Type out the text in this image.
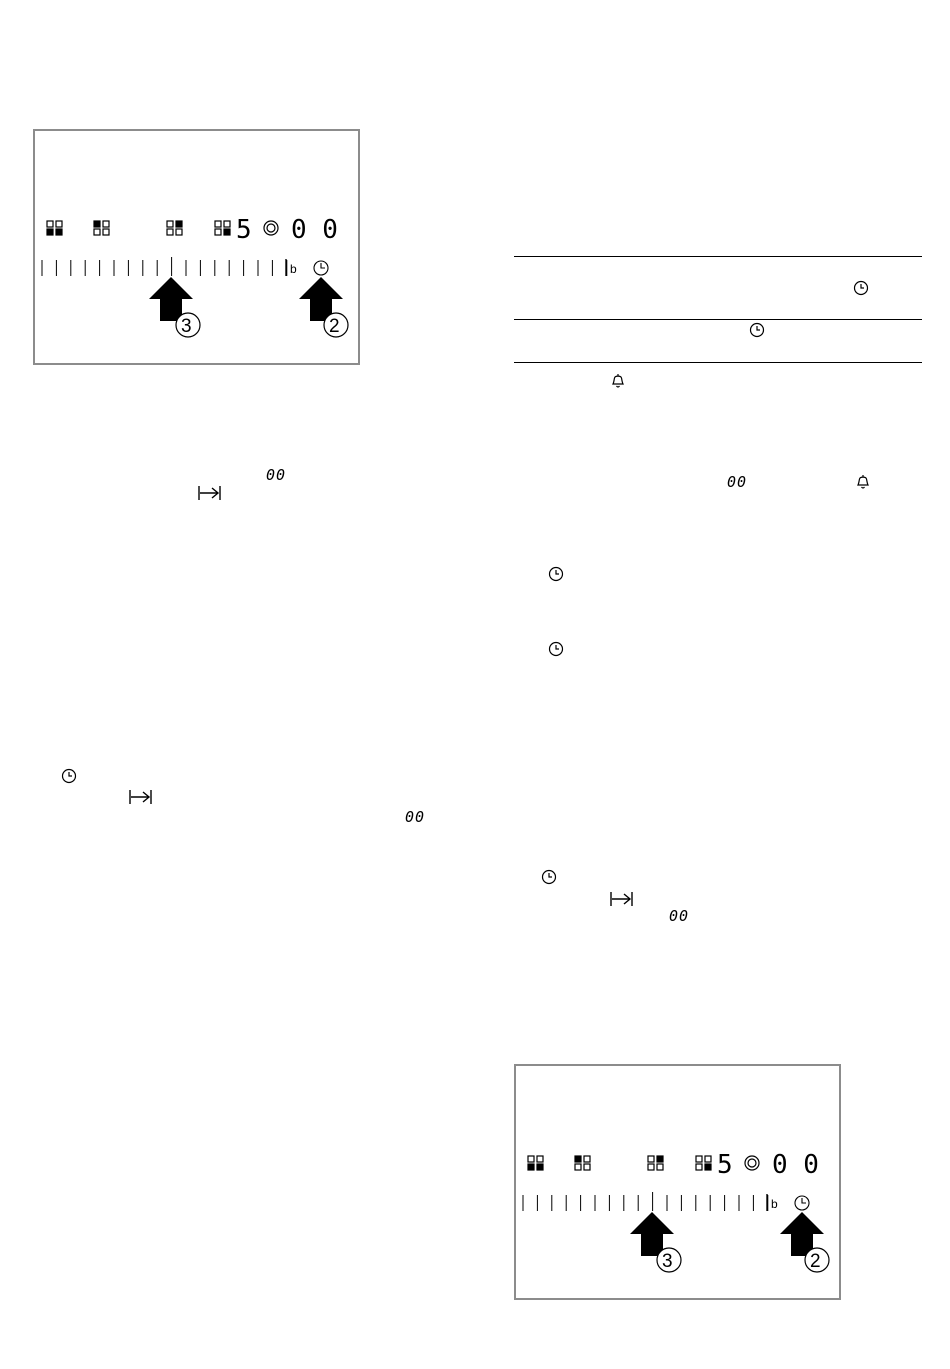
5 0 0
b
3	2
5 0 0
b
3	2
00	00
00
00
